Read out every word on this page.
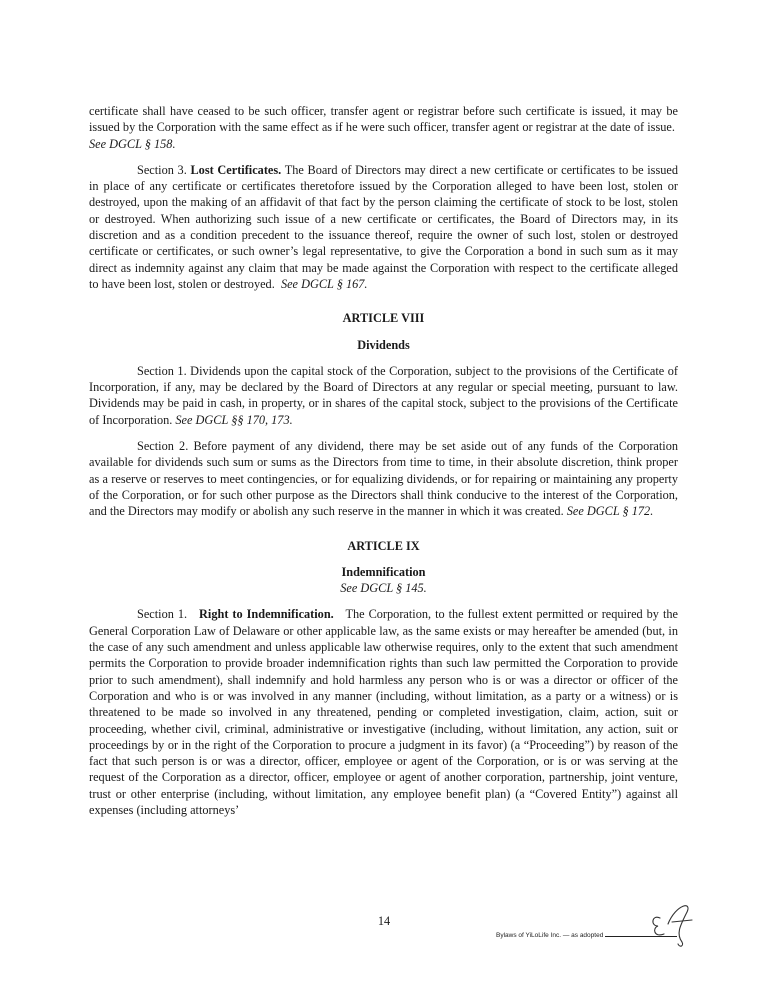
certificate shall have ceased to be such officer, transfer agent or registrar before such certificate is issued, it may be issued by the Corporation with the same effect as if he were such officer, transfer agent or registrar at the date of issue.  See DGCL § 158.

Section 3. Lost Certificates. The Board of Directors may direct a new certificate or certificates to be issued in place of any certificate or certificates theretofore issued by the Corporation alleged to have been lost, stolen or destroyed, upon the making of an affidavit of that fact by the person claiming the certificate of stock to be lost, stolen or destroyed. When authorizing such issue of a new certificate or certificates, the Board of Directors may, in its discretion and as a condition precedent to the issuance thereof, require the owner of such lost, stolen or destroyed certificate or certificates, or such owner’s legal representative, to give the Corporation a bond in such sum as it may direct as indemnity against any claim that may be made against the Corporation with respect to the certificate alleged to have been lost, stolen or destroyed. See DGCL § 167.

ARTICLE VIII
Dividends

Section 1. Dividends upon the capital stock of the Corporation, subject to the provisions of the Certificate of Incorporation, if any, may be declared by the Board of Directors at any regular or special meeting, pursuant to law. Dividends may be paid in cash, in property, or in shares of the capital stock, subject to the provisions of the Certificate of Incorporation. See DGCL §§ 170, 173.

Section 2. Before payment of any dividend, there may be set aside out of any funds of the Corporation available for dividends such sum or sums as the Directors from time to time, in their absolute discretion, think proper as a reserve or reserves to meet contingencies, or for equalizing dividends, or for repairing or maintaining any property of the Corporation, or for such other purpose as the Directors shall think conducive to the interest of the Corporation, and the Directors may modify or abolish any such reserve in the manner in which it was created. See DGCL § 172.

ARTICLE IX
Indemnification
See DGCL § 145.

Section 1. Right to Indemnification. The Corporation, to the fullest extent permitted or required by the General Corporation Law of Delaware or other applicable law, as the same exists or may hereafter be amended (but, in the case of any such amendment and unless applicable law otherwise requires, only to the extent that such amendment permits the Corporation to provide broader indemnification rights than such law permitted the Corporation to provide prior to such amendment), shall indemnify and hold harmless any person who is or was a director or officer of the Corporation and who is or was involved in any manner (including, without limitation, as a party or a witness) or is threatened to be made so involved in any threatened, pending or completed investigation, claim, action, suit or proceeding, whether civil, criminal, administrative or investigative (including, without limitation, any action, suit or proceedings by or in the right of the Corporation to procure a judgment in its favor) (a “Proceeding”) by reason of the fact that such person is or was a director, officer, employee or agent of the Corporation, or is or was serving at the request of the Corporation as a director, officer, employee or agent of another corporation, partnership, joint venture, trust or other enterprise (including, without limitation, any employee benefit plan) (a “Covered Entity”) against all expenses (including attorneys’

14
Bylaws of YiLoLife Inc. — as adopted
